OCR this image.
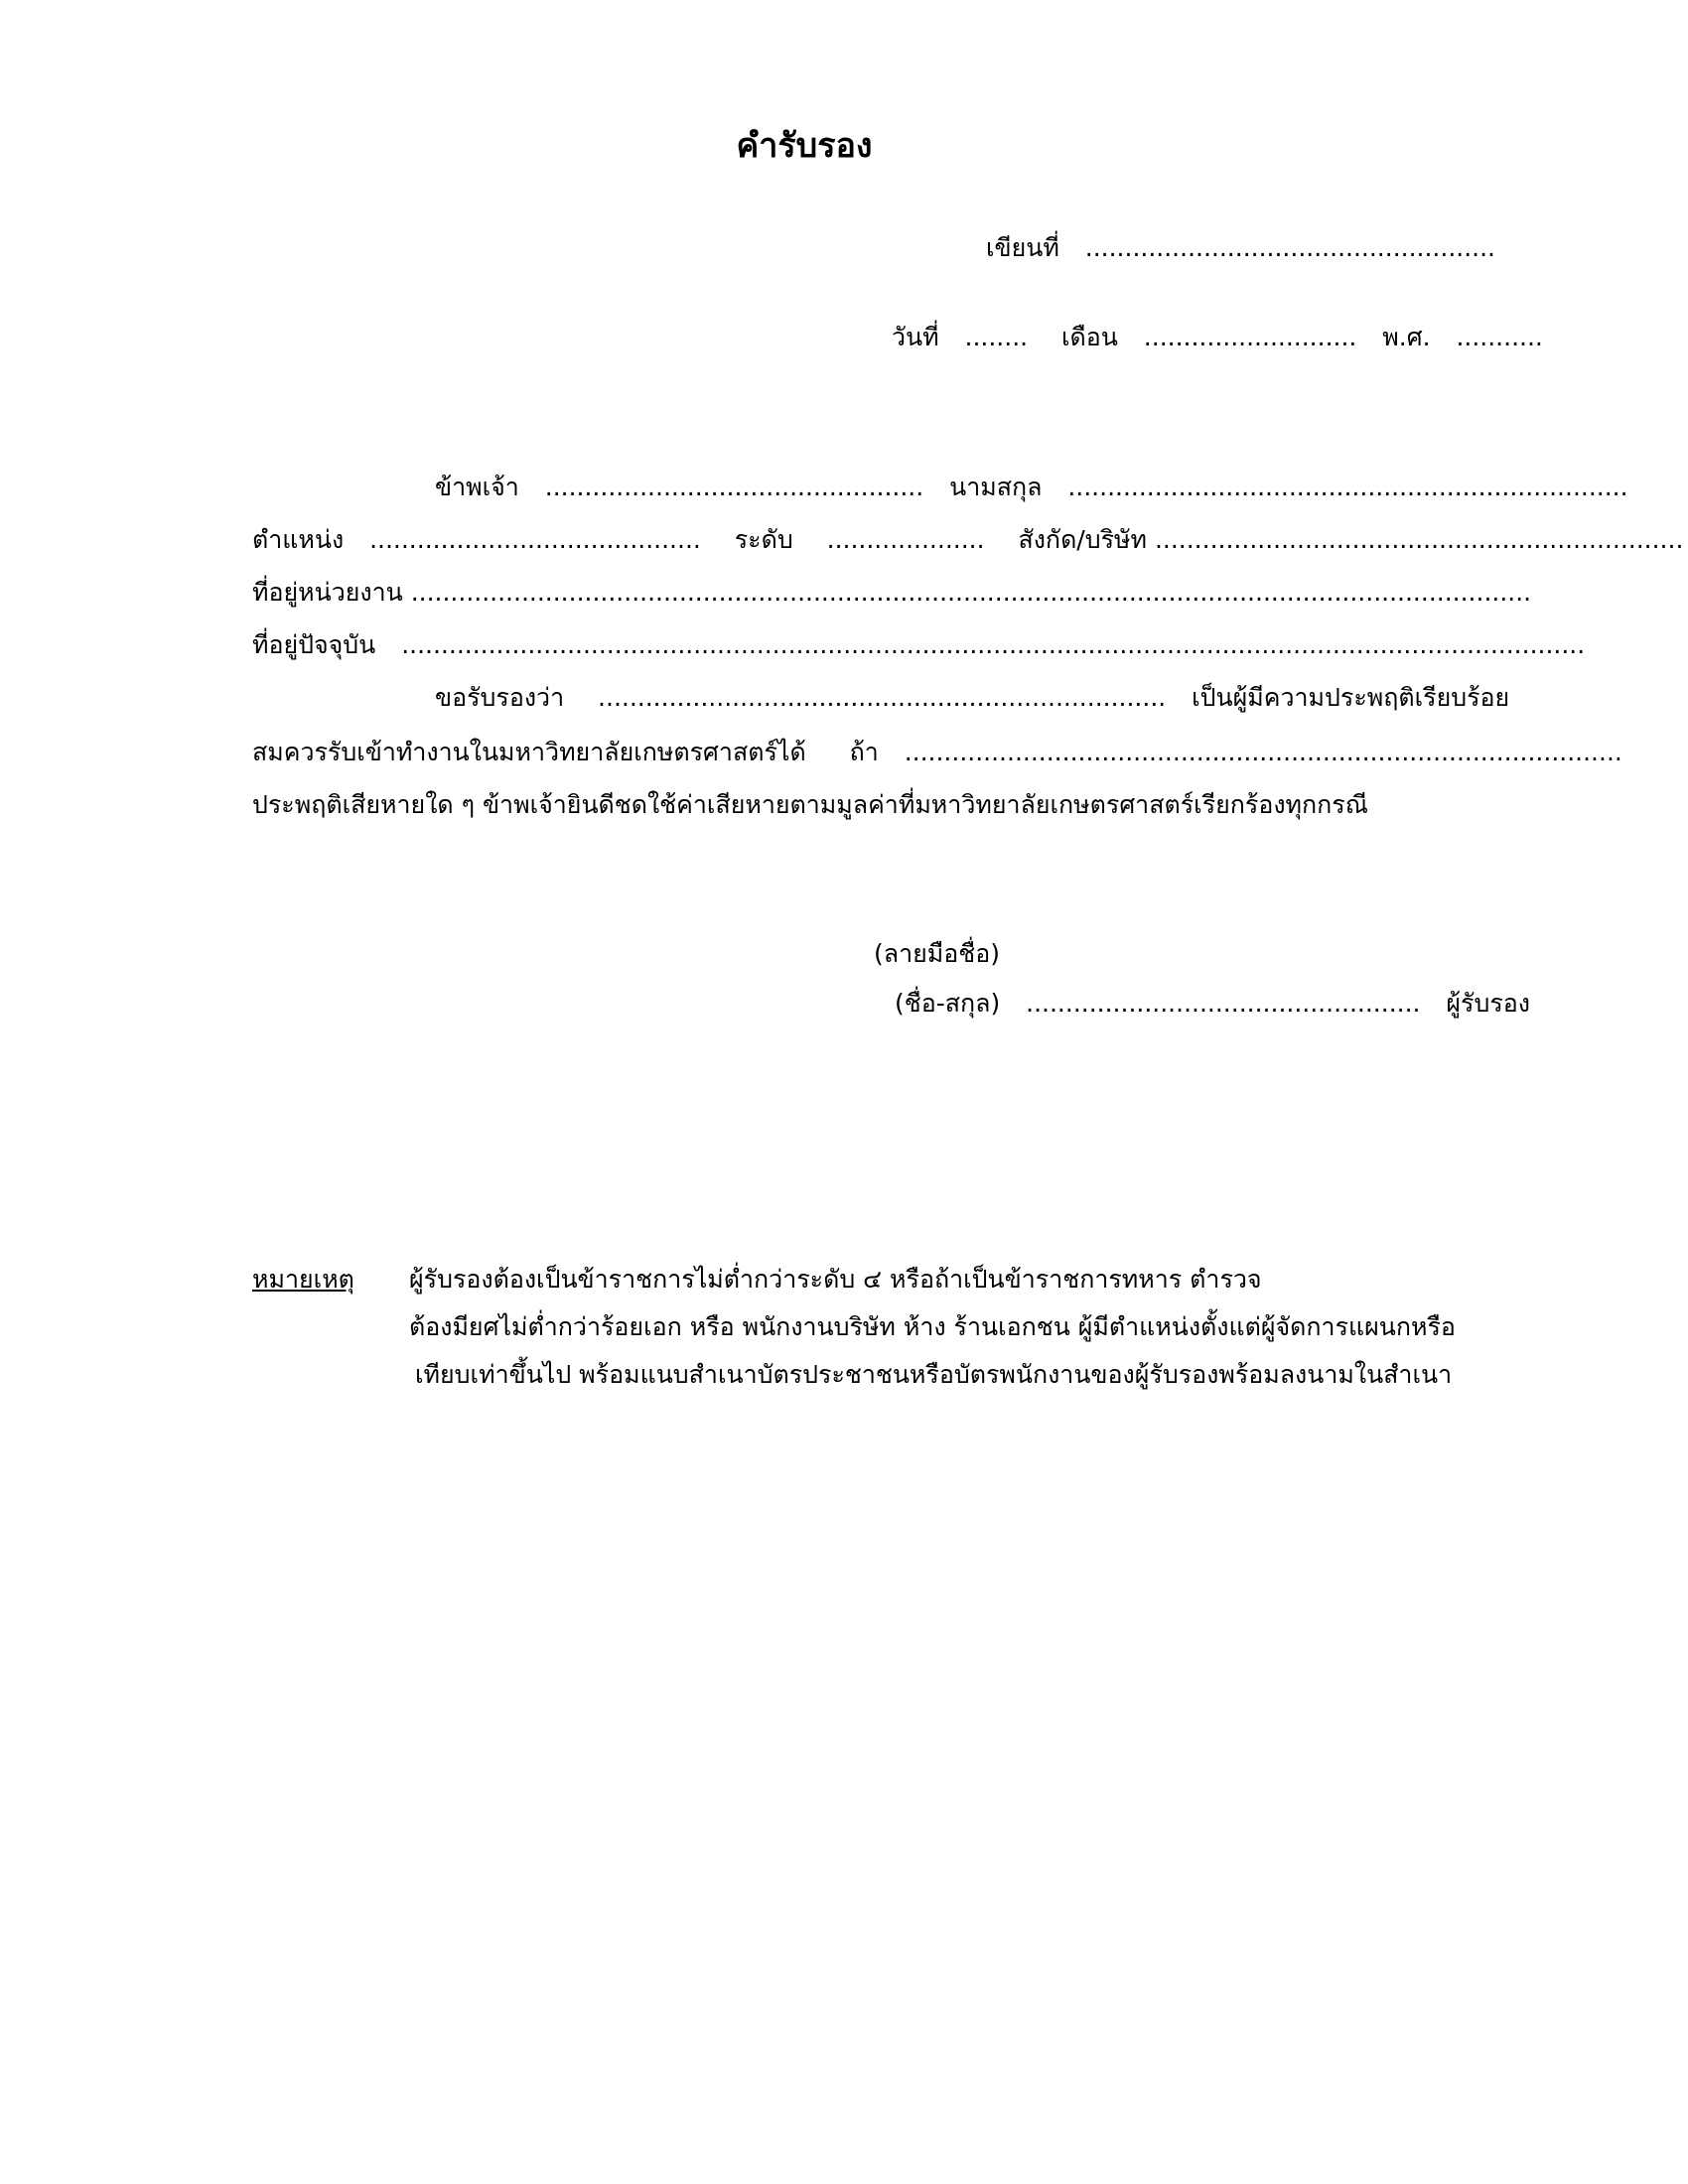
คำรับรอง
เขียนที่ ....................................................
วันที่ ........ เดือน ........................... พ.ศ. ...........
ข้าพเจ้า ................................................ นามสกุล .......................................................................
ตำแหน่ง .......................................... ระดับ .................... สังกัด/บริษัท ...................................................................
ที่อยู่หน่วยงาน ..............................................................................................................................................
ที่อยู่ปัจจุบัน ......................................................................................................................................................
ขอรับรองว่า ........................................................................ เป็นผู้มีความประพฤติเรียบร้อย
สมควรรับเข้าทำงานในมหาวิทยาลัยเกษตรศาสตร์ได้ ถ้า ...........................................................................................
ประพฤติเสียหายใด ๆ ข้าพเจ้ายินดีชดใช้ค่าเสียหายตามมูลค่าที่มหาวิทยาลัยเกษตรศาสตร์เรียกร้องทุกกรณี
(ลายมือชื่อ)
(ชื่อ-สกุล) .................................................. ผู้รับรอง
หมายเหตุ ผู้รับรองต้องเป็นข้าราชการไม่ต่ำกว่าระดับ ๔ หรือถ้าเป็นข้าราชการทหาร ตำรวจ
ต้องมียศไม่ต่ำกว่าร้อยเอก หรือ พนักงานบริษัท ห้าง ร้านเอกชน ผู้มีตำแหน่งตั้งแต่ผู้จัดการแผนกหรือ
เทียบเท่าขึ้นไป พร้อมแนบสำเนาบัตรประชาชนหรือบัตรพนักงานของผู้รับรองพร้อมลงนามในสำเนา
